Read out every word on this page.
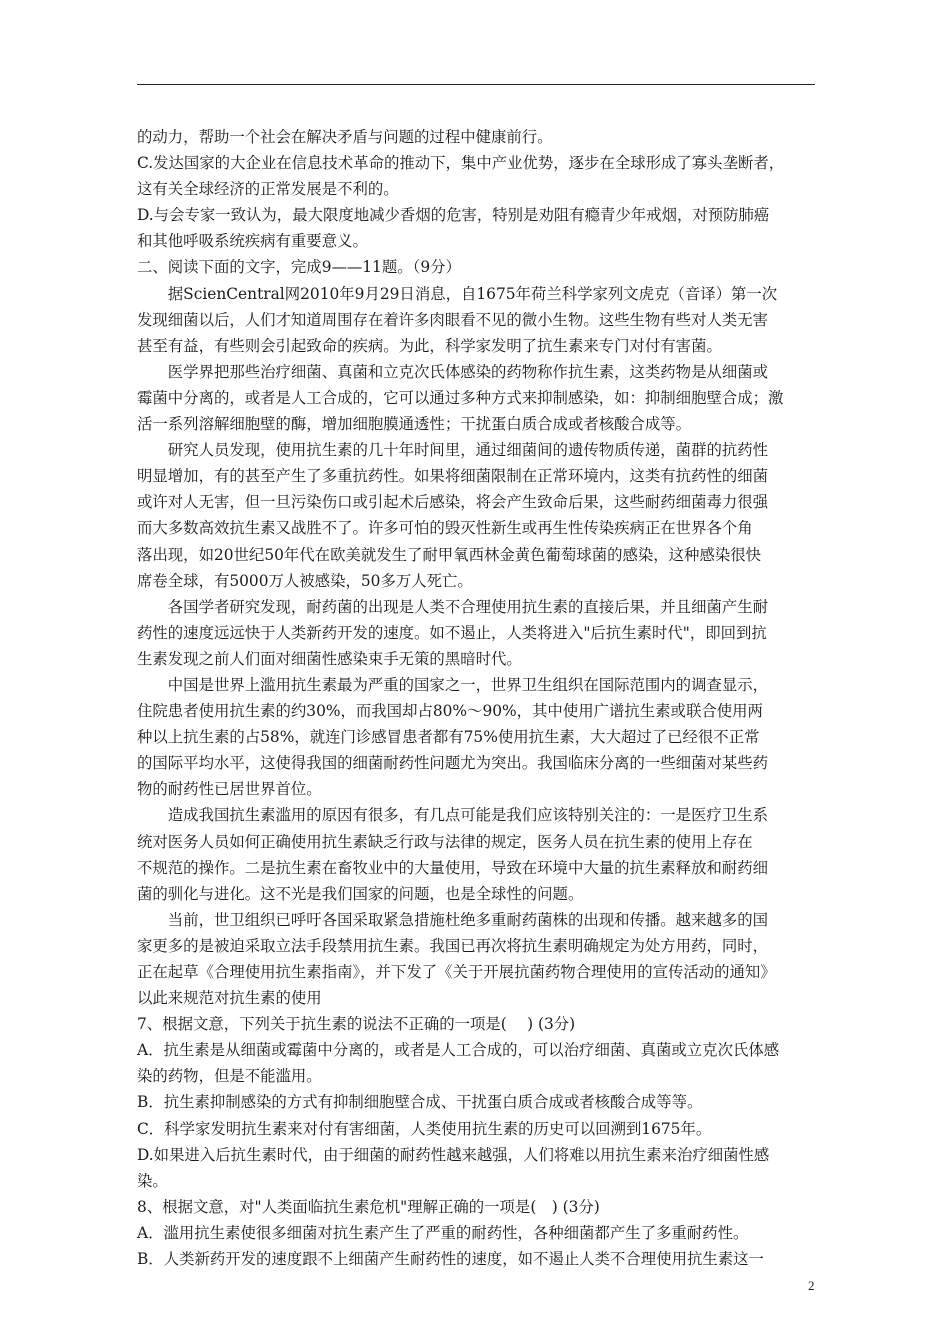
的动力，帮助一个社会在解决矛盾与问题的过程中健康前行。
C.发达国家的大企业在信息技术革命的推动下，集中产业优势，逐步在全球形成了寡头垄断者，
这有关全球经济的正常发展是不利的。
D.与会专家一致认为，最大限度地减少香烟的危害，特别是劝阻有瘾青少年戒烟，对预防肺癌
和其他呼吸系统疾病有重要意义。
二、阅读下面的文字，完成9——11题。（9分）
　　据ScienCentral网2010年9月29日消息，自1675年荷兰科学家列文虎克（音译）第一次
发现细菌以后，人们才知道周围存在着许多肉眼看不见的微小生物。这些生物有些对人类无害
甚至有益，有些则会引起致命的疾病。为此，科学家发明了抗生素来专门对付有害菌。
　　医学界把那些治疗细菌、真菌和立克次氏体感染的药物称作抗生素，这类药物是从细菌或
霉菌中分离的，或者是人工合成的，它可以通过多种方式来抑制感染，如：抑制细胞壁合成；激
活一系列溶解细胞壁的酶，增加细胞膜通透性；干扰蛋白质合成或者核酸合成等。
　　研究人员发现，使用抗生素的几十年时间里，通过细菌间的遗传物质传递，菌群的抗药性
明显增加，有的甚至产生了多重抗药性。如果将细菌限制在正常环境内，这类有抗药性的细菌
或许对人无害，但一旦污染伤口或引起术后感染，将会产生致命后果，这些耐药细菌毒力很强
而大多数高效抗生素又战胜不了。许多可怕的毁灭性新生或再生性传染疾病正在世界各个角
落出现，如20世纪50年代在欧美就发生了耐甲氧西林金黄色葡萄球菌的感染，这种感染很快
席卷全球，有5000万人被感染，50多万人死亡。
　　各国学者研究发现，耐药菌的出现是人类不合理使用抗生素的直接后果，并且细菌产生耐
药性的速度远远快于人类新药开发的速度。如不遏止，人类将进入"后抗生素时代"，即回到抗
生素发现之前人们面对细菌性感染束手无策的黑暗时代。
　　中国是世界上滥用抗生素最为严重的国家之一，世界卫生组织在国际范围内的调查显示，
住院患者使用抗生素的约30%，而我国却占80%～90%，其中使用广谱抗生素或联合使用两
种以上抗生素的占58%，就连门诊感冒患者都有75%使用抗生素，大大超过了已经很不正常
的国际平均水平，这使得我国的细菌耐药性问题尤为突出。我国临床分离的一些细菌对某些药
物的耐药性已居世界首位。
　　造成我国抗生素滥用的原因有很多，有几点可能是我们应该特别关注的：一是医疗卫生系
统对医务人员如何正确使用抗生素缺乏行政与法律的规定，医务人员在抗生素的使用上存在
不规范的操作。二是抗生素在畜牧业中的大量使用，导致在环境中大量的抗生素释放和耐药细
菌的驯化与进化。这不光是我们国家的问题，也是全球性的问题。
　　当前，世卫组织已呼吁各国采取紧急措施杜绝多重耐药菌株的出现和传播。越来越多的国
家更多的是被迫采取立法手段禁用抗生素。我国已再次将抗生素明确规定为处方用药，同时，
正在起草《合理使用抗生素指南》，并下发了《关于开展抗菌药物合理使用的宣传活动的通知》
以此来规范对抗生素的使用
7、根据文意，下列关于抗生素的说法不正确的一项是(　 ) (3分)
A．抗生素是从细菌或霉菌中分离的，或者是人工合成的，可以治疗细菌、真菌或立克次氏体感
染的药物，但是不能滥用。
B．抗生素抑制感染的方式有抑制细胞壁合成、干扰蛋白质合成或者核酸合成等等。
C．科学家发明抗生素来对付有害细菌，人类使用抗生素的历史可以回溯到1675年。
D.如果进入后抗生素时代，由于细菌的耐药性越来越强，人们将难以用抗生素来治疗细菌性感
染。
8、根据文意，对"人类面临抗生素危机"理解正确的一项是(　) (3分)
A．滥用抗生素使很多细菌对抗生素产生了严重的耐药性，各种细菌都产生了多重耐药性。
B．人类新药开发的速度跟不上细菌产生耐药性的速度，如不遏止人类不合理使用抗生素这一
2
